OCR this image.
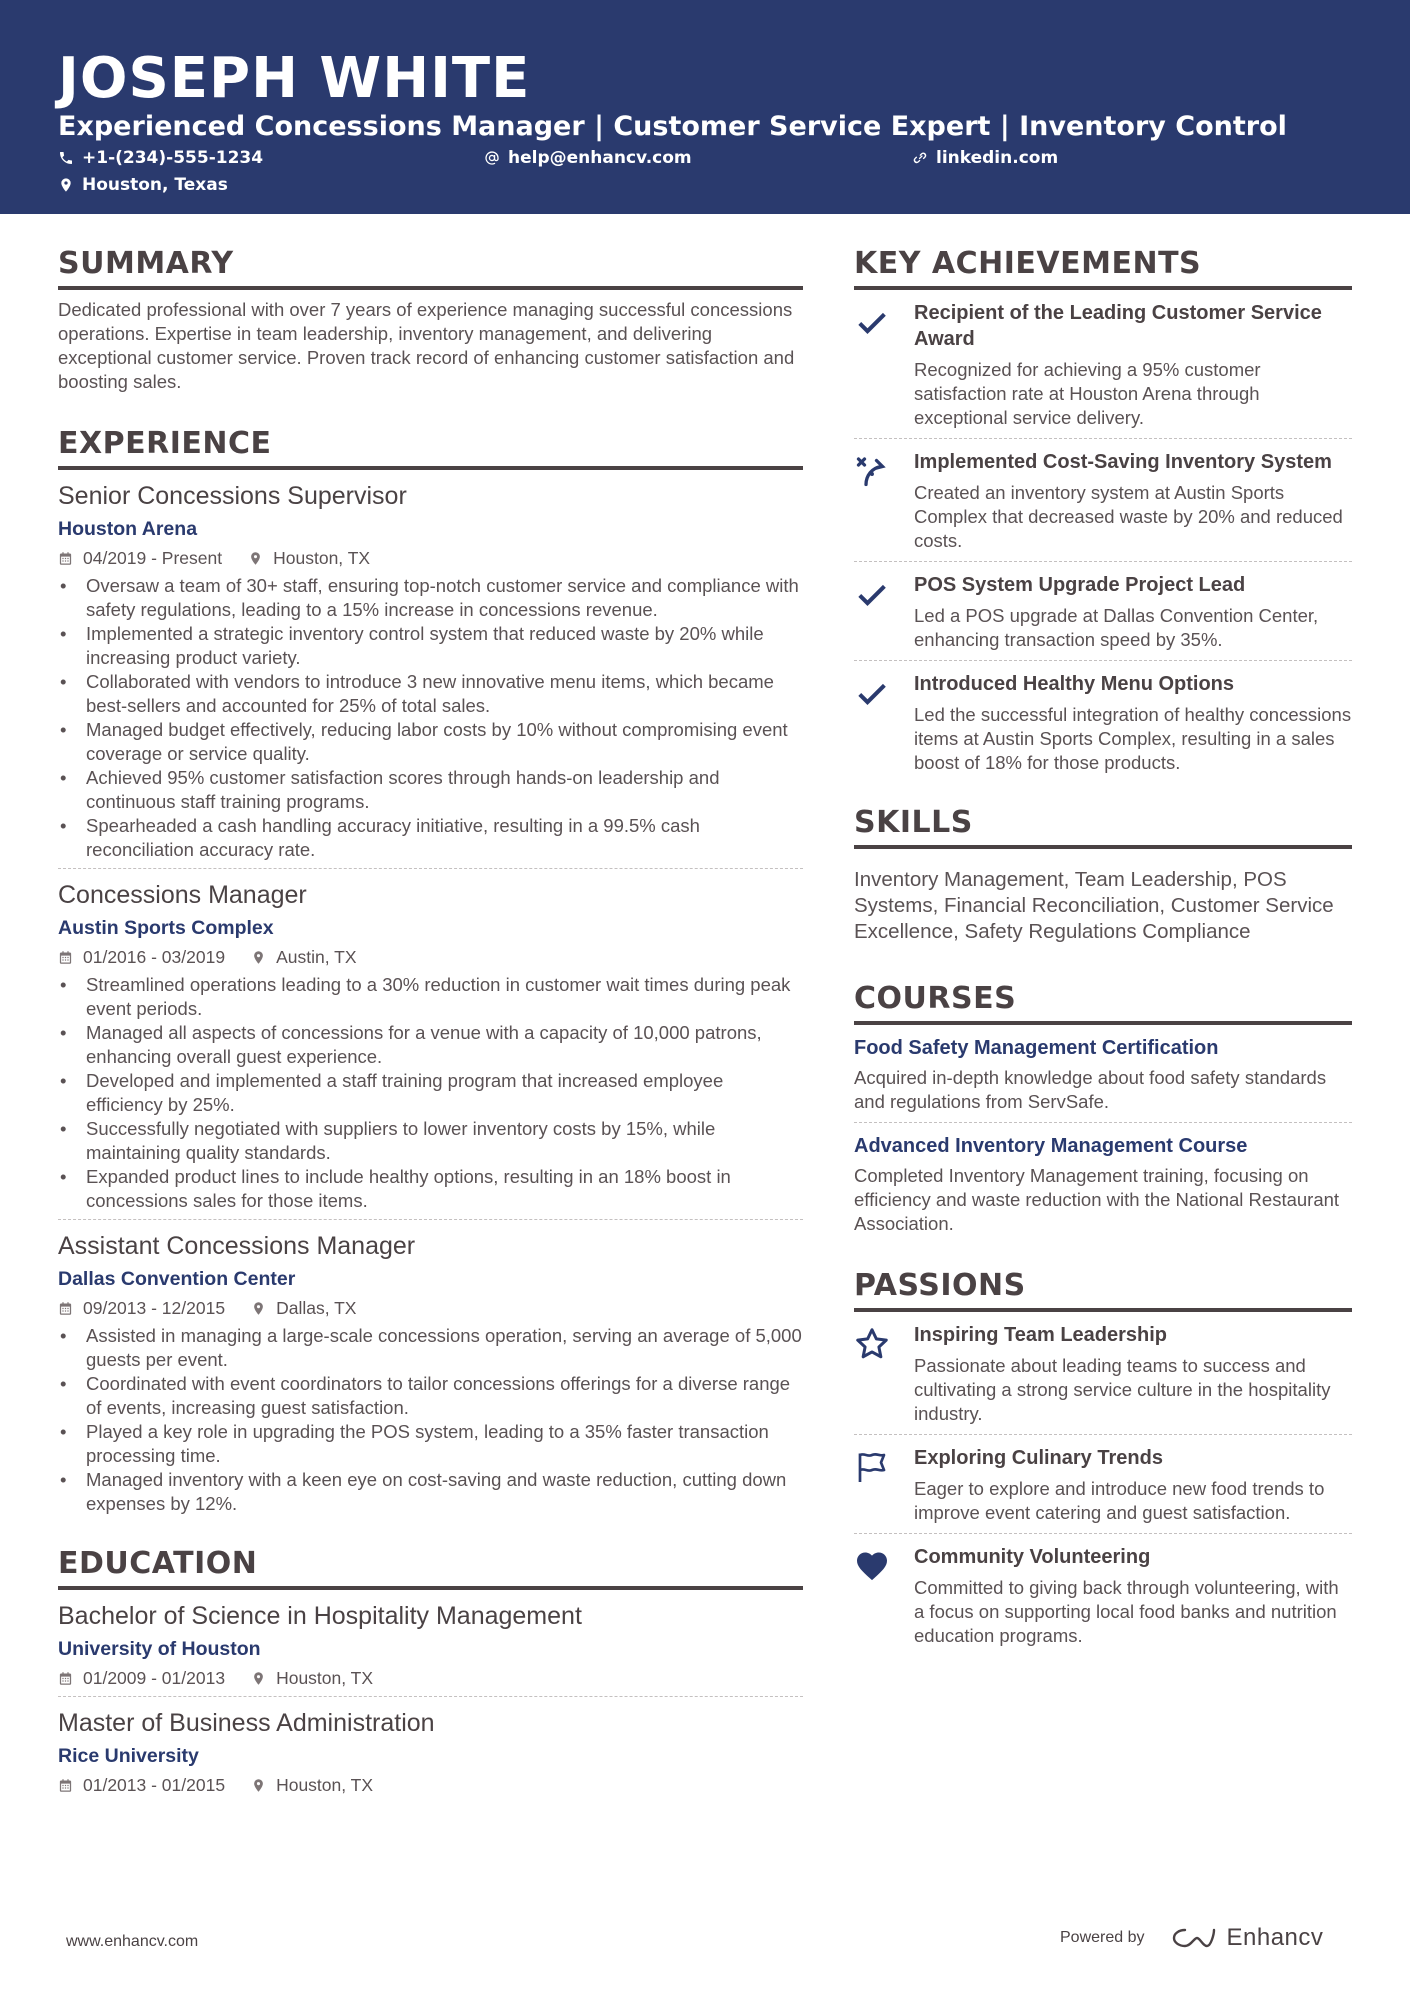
JOSEPH WHITE
Experienced Concessions Manager | Customer Service Expert | Inventory Control
+1-(234)-555-1234	help@enhancv.com	linkedin.com
Houston, Texas
SUMMARY

Dedicated professional with over 7 years of experience managing successful concessions operations. Expertise in team leadership, inventory management, and delivering exceptional customer service. Proven track record of enhancing customer satisfaction and boosting sales.

EXPERIENCE
Senior Concessions Supervisor
Houston Arena
04/2019 - Present	Houston, TX
• Oversaw a team of 30+ staff, ensuring top-notch customer service and compliance with safety regulations, leading to a 15% increase in concessions revenue.
• Implemented a strategic inventory control system that reduced waste by 20% while increasing product variety.
• Collaborated with vendors to introduce 3 new innovative menu items, which became best-sellers and accounted for 25% of total sales.
• Managed budget effectively, reducing labor costs by 10% without compromising event coverage or service quality.
• Achieved 95% customer satisfaction scores through hands-on leadership and continuous staff training programs.
• Spearheaded a cash handling accuracy initiative, resulting in a 99.5% cash reconciliation accuracy rate.
Concessions Manager
Austin Sports Complex
01/2016 - 03/2019	Austin, TX
• Streamlined operations leading to a 30% reduction in customer wait times during peak event periods.
• Managed all aspects of concessions for a venue with a capacity of 10,000 patrons, enhancing overall guest experience.
• Developed and implemented a staff training program that increased employee efficiency by 25%.
• Successfully negotiated with suppliers to lower inventory costs by 15%, while maintaining quality standards.
• Expanded product lines to include healthy options, resulting in an 18% boost in concessions sales for those items.
Assistant Concessions Manager
Dallas Convention Center
09/2013 - 12/2015	Dallas, TX
• Assisted in managing a large-scale concessions operation, serving an average of 5,000 guests per event.
• Coordinated with event coordinators to tailor concessions offerings for a diverse range of events, increasing guest satisfaction.
• Played a key role in upgrading the POS system, leading to a 35% faster transaction processing time.
• Managed inventory with a keen eye on cost-saving and waste reduction, cutting down expenses by 12%.
EDUCATION
Bachelor of Science in Hospitality Management
University of Houston
01/2009 - 01/2013	Houston, TX
Master of Business Administration
Rice University
01/2013 - 01/2015	Houston, TX
KEY ACHIEVEMENTS
Recipient of the Leading Customer Service Award
Recognized for achieving a 95% customer satisfaction rate at Houston Arena through exceptional service delivery.
Implemented Cost-Saving Inventory System
Created an inventory system at Austin Sports Complex that decreased waste by 20% and reduced costs.
POS System Upgrade Project Lead
Led a POS upgrade at Dallas Convention Center, enhancing transaction speed by 35%.
Introduced Healthy Menu Options
Led the successful integration of healthy concessions items at Austin Sports Complex, resulting in a sales boost of 18% for those products.
SKILLS

Inventory Management, Team Leadership, POS Systems, Financial Reconciliation, Customer Service Excellence, Safety Regulations Compliance

COURSES
Food Safety Management Certification
Acquired in-depth knowledge about food safety standards and regulations from ServSafe.
Advanced Inventory Management Course
Completed Inventory Management training, focusing on efficiency and waste reduction with the National Restaurant Association.
PASSIONS
Inspiring Team Leadership
Passionate about leading teams to success and cultivating a strong service culture in the hospitality industry.
Exploring Culinary Trends
Eager to explore and introduce new food trends to improve event catering and guest satisfaction.
Community Volunteering
Committed to giving back through volunteering, with a focus on supporting local food banks and nutrition education programs.
www.enhancv.com	Powered by	Enhancv
